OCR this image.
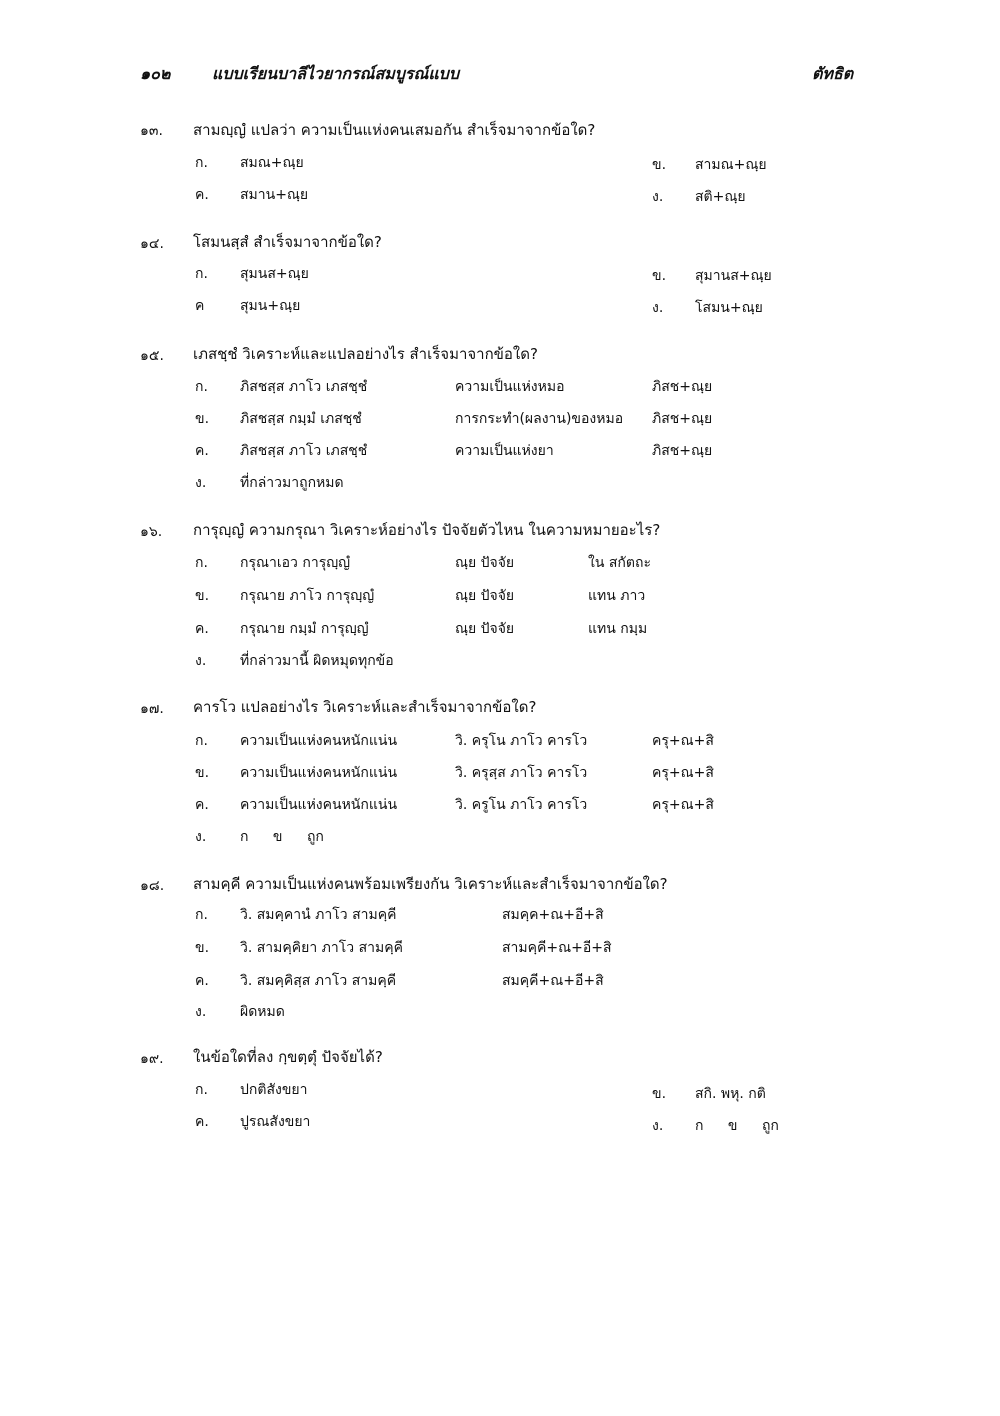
๑๐๒	แบบเรียนบาลีไวยากรณ์สมบูรณ์แบบ	ตัทธิต
๑๓. สามญฺญํ แปลว่า ความเป็นแห่งคนเสมอกัน สำเร็จมาจากข้อใด?
ก. สมณ+ณฺย	ข. สามณ+ณฺย
ค. สมาน+ณฺย	ง. สติ+ณฺย
๑๔. โสมนสฺสํ สำเร็จมาจากข้อใด?
ก. สุมนส+ณฺย	ข. สุมานส+ณฺย
ค	สุมน+ณฺย	ง. โสมน+ณฺย
๑๕. เภสชฺชํ วิเคราะห์และแปลอย่างไร สำเร็จมาจากข้อใด?
ก. ภิสชสฺส ภาโว เภสชฺชํ	ความเป็นแห่งหมอ	ภิสช+ณฺย
ข. ภิสชสฺส กมฺมํ เภสชฺชํ	การกระทำ(ผลงาน)ของหมอ ภิสช+ณฺย
ค. ภิสชสฺส ภาโว เภสชฺชํ	ความเป็นแห่งยา	ภิสช+ณฺย
ง. ที่กล่าวมาถูกหมด
๑๖. การุญฺญํ ความกรุณา วิเคราะห์อย่างไร ปัจจัยตัวไหน ในความหมายอะไร?
ก. กรุณาเอว การุญฺญํ	ณฺย ปัจจัย	ใน สกัตถะ
ข. กรุณาย ภาโว การุญฺญํ	ณฺย ปัจจัย	แทน ภาว
ค. กรุณาย กมฺมํ การุญฺญํ	ณฺย ปัจจัย	แทน กมฺม
ง. ที่กล่าวมานี้ ผิดหมุดทุกข้อ
๑๗. คารโว แปลอย่างไร วิเคราะห์และสำเร็จมาจากข้อใด?
ก. ความเป็นแห่งคนหนักแน่น	วิ. ครุโน ภาโว คารโว	ครุ+ณ+สิ
ข. ความเป็นแห่งคนหนักแน่น	วิ. ครุสฺส ภาโว คารโว	ครุ+ณ+สิ
ค. ความเป็นแห่งคนหนักแน่น	วิ. ครูโน ภาโว คารโว	ครุ+ณ+สิ
ง. ก ข ถูก
๑๘. สามคฺคี ความเป็นแห่งคนพร้อมเพรียงกัน วิเคราะห์และสำเร็จมาจากข้อใด?
ก. วิ. สมคฺคานํ ภาโว สามคฺคี	สมคฺค+ณ+อี+สิ
ข. วิ. สามคฺคิยา ภาโว สามคฺคี	สามคฺคี+ณ+อี+สิ
ค. วิ. สมคฺคิสฺส ภาโว สามคฺคี	สมคฺคี+ณ+อี+สิ
ง. ผิดหมด
๑๙. ในข้อใดที่ลง กฺขตฺตุํ ปัจจัยได้?
ก. ปกติสังขยา	ข. สกิ. พหุ. กติ
ค. ปูรณสังขยา	ง. ก ข ถูก
